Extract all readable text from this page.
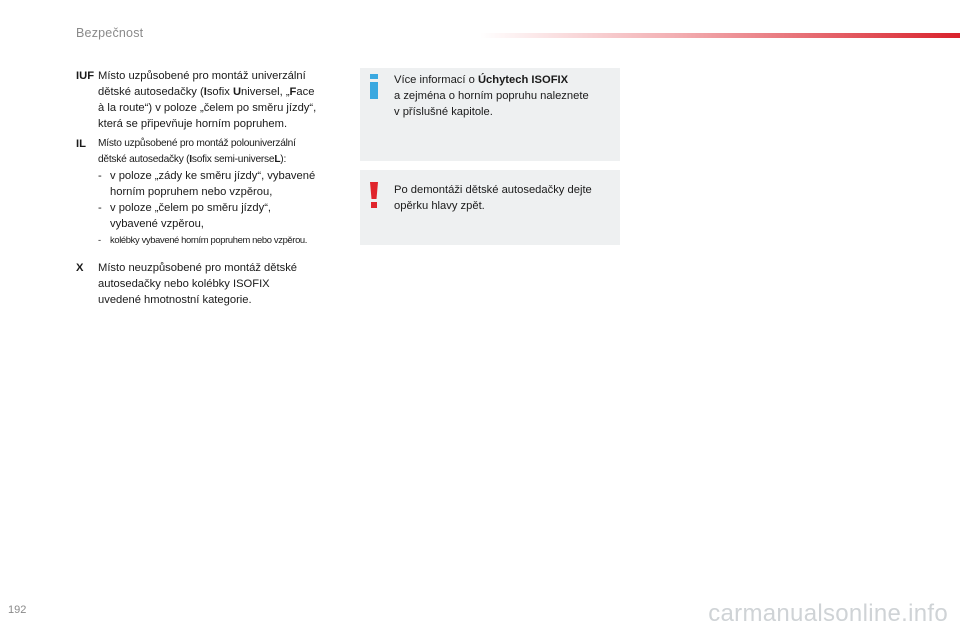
Bezpečnost
IUF Místo uzpůsobené pro montáž univerzální
dětské autosedačky (Isofix Universel, „Face
à la route“) v poloze „čelem po směru jízdy“,
která se připevňuje horním popruhem.
IL Místo uzpůsobené pro montáž polouniverzální
dětské autosedačky (Isofix semi-universeL):
- v poloze „zády ke směru jízdy“, vybavené
horním popruhem nebo vzpěrou,
- v poloze „čelem po směru jízdy“,
vybavené vzpěrou,
- kolébky vybavené horním popruhem nebo vzpěrou.
X Místo neuzpůsobené pro montáž dětské
autosedačky nebo kolébky ISOFIX
uvedené hmotnostní kategorie.
Více informací o Úchytech ISOFIX
a zejména o horním popruhu naleznete
v příslušné kapitole.
Po demontáži dětské autosedačky dejte
opěrku hlavy zpět.
192	carmanualsonline.info
